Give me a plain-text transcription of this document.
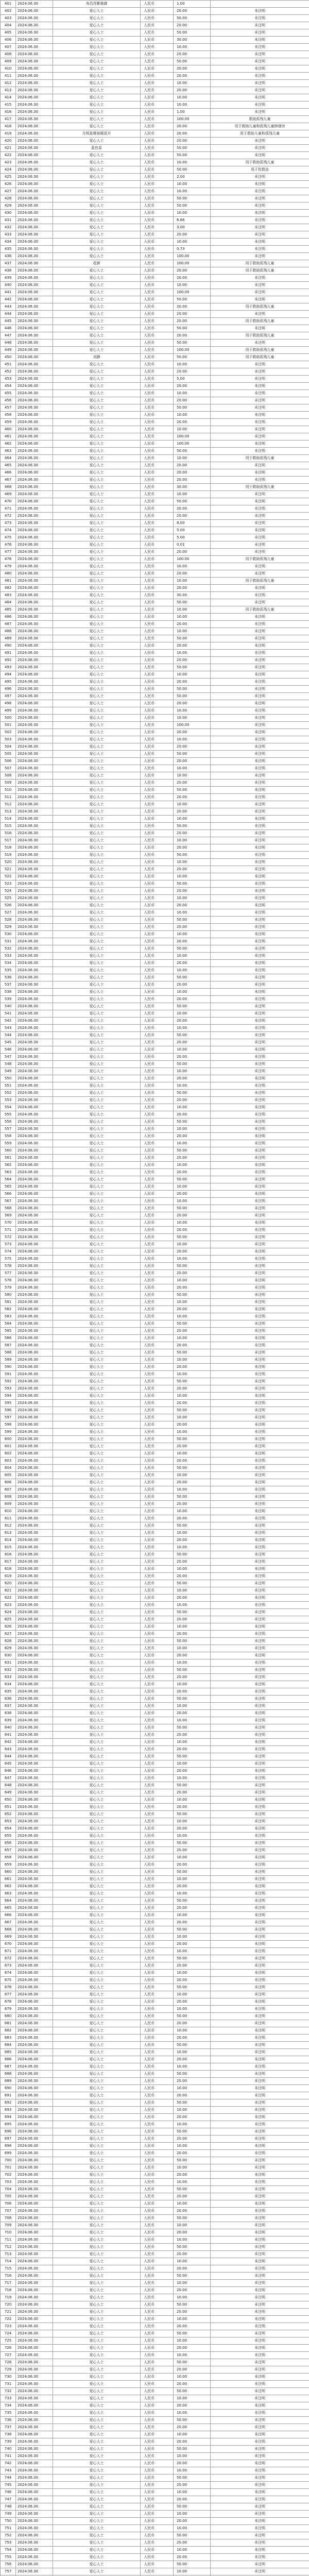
401	2024.06.30	寿昌苏紫墨御	人民币	1.00	
402	2024.06.30	爱心人士	人民币	20.00	未注明
403	2024.06.30	爱心人士	人民币	50.00	未注明
404	2024.06.30	爱心人士	人民币	20.00	未注明
405	2024.06.30	爱心人士	人民币	50.00	未注明
406	2024.06.30	爱心人士	人民币	30.00	未注明
407	2024.06.30	爱心人士	人民币	10.00	未注明
408	2024.06.30	爱心人士	人民币	20.00	未注明
409	2024.06.30	爱心人士	人民币	50.00	未注明
410	2024.06.30	爱心人士	人民币	20.00	未注明
411	2024.06.30	爱心人士	人民币	20.00	未注明
412	2024.06.30	爱心人士	人民币	10.00	未注明
413	2024.06.30	爱心人士	人民币	20.00	未注明
414	2024.06.30	爱心人士	人民币	10.00	未注明
415	2024.06.30	爱心人士	人民币	10.00	未注明
416	2024.06.30	爱心人士	人民币	1.00	未注明
417	2024.06.30	爱心人士	人民币	100.00	救助孤残儿童
418	2024.06.30	爱心人士	人民币	20.00	用于救助儿童和孤残儿童修缮房
419	2024.06.30	月明星稀春暖花开	人民币	20.00	用于救助儿童和孤残儿童
420	2024.06.30	爱心人士	人民币	20.00	未注明
421	2024.06.30	蓝色星	人民币	50.00	未注明
422	2024.06.30	爱心人士	人民币	50.00	未注明
423	2024.06.30	爱心人士	人民币	10.00	用于救助孤残儿童
424	2024.06.30	爱心人士	人民币	50.00	用于抢救站
425	2024.06.30	爱心人士	人民币	2.00	未注明
426	2024.06.30	爱心人士	人民币	10.00	未注明
427	2024.06.30	爱心人士	人民币	10.00	未注明
428	2024.06.30	爱心人士	人民币	50.00	未注明
429	2024.06.30	爱心人士	人民币	50.00	未注明
430	2024.06.30	爱心人士	人民币	10.00	未注明
431	2024.06.30	爱心人士	人民币	6.66	未注明
432	2024.06.30	爱心人士	人民币	3.00	未注明
433	2024.06.30	爱心人士	人民币	20.00	未注明
434	2024.06.30	爱心人士	人民币	10.00	未注明
435	2024.06.30	爱心人士	人民币	0.73	未注明
436	2024.06.30	爱心人士	人民币	100.00	未注明
437	2024.06.30	花颜	人民币	100.00	用于救助孤残儿童
438	2024.06.30	爱心人士	人民币	20.00	用于救助孤残儿童
439	2024.06.30	爱心人士	人民币	20.00	未注明
440	2024.06.30	爱心人士	人民币	10.00	未注明
441	2024.06.30	爱心人士	人民币	100.00	未注明
442	2024.06.30	爱心人士	人民币	50.00	未注明
443	2024.06.30	爱心人士	人民币	20.00	用于救助孤残儿童
444	2024.06.30	爱心人士	人民币	20.00	未注明
445	2024.06.30	爱心人士	人民币	20.00	用于救助孤残儿童
446	2024.06.30	爱心人士	人民币	50.00	未注明
447	2024.06.30	爱心人士	人民币	20.00	用于救助孤残儿童
448	2024.06.30	爱心人士	人民币	50.00	未注明
449	2024.06.30	爱心人士	人民币	100.00	用于救助孤残儿童
450	2024.06.30	刘静	人民币	50.00	用于救助孤残儿童
451	2024.06.30	爱心人士	人民币	10.00	未注明
452	2024.06.30	爱心人士	人民币	20.00	未注明
453	2024.06.30	爱心人士	人民币	5.00	未注明
454	2024.06.30	爱心人士	人民币	20.00	未注明
455	2024.06.30	爱心人士	人民币	10.00	未注明
456	2024.06.30	爱心人士	人民币	20.00	未注明
457	2024.06.30	爱心人士	人民币	50.00	未注明
458	2024.06.30	爱心人士	人民币	10.00	未注明
459	2024.06.30	爱心人士	人民币	20.00	未注明
460	2024.06.30	爱心人士	人民币	10.00	未注明
461	2024.06.30	爱心人士	人民币	100.00	未注明
462	2024.06.30	爱心人士	人民币	100.00	未注明
463	2024.06.30	爱心人士	人民币	50.00	未注明
464	2024.06.30	爱心人士	人民币	10.00	用于救助孤残儿童
465	2024.06.30	爱心人士	人民币	20.00	未注明
466	2024.06.30	爱心人士	人民币	20.00	未注明
467	2024.06.30	爱心人士	人民币	20.00	未注明
468	2024.06.30	爱心人士	人民币	30.00	用于救助孤残儿童
469	2024.06.30	爱心人士	人民币	10.00	未注明
470	2024.06.30	爱心人士	人民币	50.00	未注明
471	2024.06.30	爱心人士	人民币	20.00	未注明
472	2024.06.30	爱心人士	人民币	20.00	未注明
473	2024.06.30	爱心人士	人民币	8.00	未注明
474	2024.06.30	爱心人士	人民币	5.00	未注明
475	2024.06.30	爱心人士	人民币	5.00	未注明
476	2024.06.30	爱心人士	人民币	0.01	未注明
477	2024.06.30	爱心人士	人民币	20.00	未注明
478	2024.06.30	爱心人士	人民币	100.00	用于救助孤残儿童
479	2024.06.30	爱心人士	人民币	10.00	未注明
480	2024.06.30	爱心人士	人民币	20.00	未注明
481	2024.06.30	爱心人士	人民币	10.00	用于救助孤残儿童
482	2024.06.30	爱心人士	人民币	20.00	未注明
483	2024.06.30	爱心人士	人民币	30.00	未注明
484	2024.06.30	爱心人士	人民币	50.00	未注明
485	2024.06.30	爱心人士	人民币	10.00	用于救助孤残儿童
486	2024.06.30	爱心人士	人民币	10.00	未注明
487	2024.06.30	爱心人士	人民币	20.00	未注明
488	2024.06.30	爱心人士	人民币	10.00	未注明
489	2024.06.30	爱心人士	人民币	50.00	未注明
490	2024.06.30	爱心人士	人民币	20.00	未注明
491	2024.06.30	爱心人士	人民币	10.00	未注明
492	2024.06.30	爱心人士	人民币	20.00	未注明
493	2024.06.30	爱心人士	人民币	50.00	未注明
494	2024.06.30	爱心人士	人民币	10.00	未注明
495	2024.06.30	爱心人士	人民币	20.00	未注明
496	2024.06.30	爱心人士	人民币	50.00	未注明
497	2024.06.30	爱心人士	人民币	50.00	未注明
498	2024.06.30	爱心人士	人民币	20.00	未注明
499	2024.06.30	爱心人士	人民币	10.00	未注明
500	2024.06.30	爱心人士	人民币	10.00	未注明
501	2024.06.30	爱心人士	人民币	100.00	未注明
502	2024.06.30	爱心人士	人民币	20.00	未注明
503	2024.06.30	爱心人士	人民币	10.00	未注明
504	2024.06.30	爱心人士	人民币	20.00	未注明
505	2024.06.30	爱心人士	人民币	50.00	未注明
506	2024.06.30	爱心人士	人民币	20.00	未注明
507	2024.06.30	爱心人士	人民币	10.00	未注明
508	2024.06.30	爱心人士	人民币	10.00	未注明
509	2024.06.30	爱心人士	人民币	20.00	未注明
510	2024.06.30	爱心人士	人民币	50.00	未注明
511	2024.06.30	爱心人士	人民币	20.00	未注明
512	2024.06.30	爱心人士	人民币	10.00	未注明
513	2024.06.30	爱心人士	人民币	20.00	未注明
514	2024.06.30	爱心人士	人民币	10.00	未注明
515	2024.06.30	爱心人士	人民币	50.00	未注明
516	2024.06.30	爱心人士	人民币	20.00	未注明
517	2024.06.30	爱心人士	人民币	10.00	未注明
518	2024.06.30	爱心人士	人民币	20.00	未注明
519	2024.06.30	爱心人士	人民币	50.00	未注明
520	2024.06.30	爱心人士	人民币	10.00	未注明
521	2024.06.30	爱心人士	人民币	20.00	未注明
522	2024.06.30	爱心人士	人民币	10.00	未注明
523	2024.06.30	爱心人士	人民币	50.00	未注明
524	2024.06.30	爱心人士	人民币	20.00	未注明
525	2024.06.30	爱心人士	人民币	10.00	未注明
526	2024.06.30	爱心人士	人民币	20.00	未注明
527	2024.06.30	爱心人士	人民币	10.00	未注明
528	2024.06.30	爱心人士	人民币	50.00	未注明
529	2024.06.30	爱心人士	人民币	20.00	未注明
530	2024.06.30	爱心人士	人民币	10.00	未注明
531	2024.06.30	爱心人士	人民币	20.00	未注明
532	2024.06.30	爱心人士	人民币	50.00	未注明
533	2024.06.30	爱心人士	人民币	10.00	未注明
534	2024.06.30	爱心人士	人民币	20.00	未注明
535	2024.06.30	爱心人士	人民币	10.00	未注明
536	2024.06.30	爱心人士	人民币	50.00	未注明
537	2024.06.30	爱心人士	人民币	20.00	未注明
538	2024.06.30	爱心人士	人民币	10.00	未注明
539	2024.06.30	爱心人士	人民币	20.00	未注明
540	2024.06.30	爱心人士	人民币	50.00	未注明
541	2024.06.30	爱心人士	人民币	10.00	未注明
542	2024.06.30	爱心人士	人民币	20.00	未注明
543	2024.06.30	爱心人士	人民币	10.00	未注明
544	2024.06.30	爱心人士	人民币	50.00	未注明
545	2024.06.30	爱心人士	人民币	20.00	未注明
546	2024.06.30	爱心人士	人民币	10.00	未注明
547	2024.06.30	爱心人士	人民币	20.00	未注明
548	2024.06.30	爱心人士	人民币	50.00	未注明
549	2024.06.30	爱心人士	人民币	10.00	未注明
550	2024.06.30	爱心人士	人民币	20.00	未注明
551	2024.06.30	爱心人士	人民币	10.00	未注明
552	2024.06.30	爱心人士	人民币	50.00	未注明
553	2024.06.30	爱心人士	人民币	20.00	未注明
554	2024.06.30	爱心人士	人民币	10.00	未注明
555	2024.06.30	爱心人士	人民币	20.00	未注明
556	2024.06.30	爱心人士	人民币	50.00	未注明
557	2024.06.30	爱心人士	人民币	10.00	未注明
558	2024.06.30	爱心人士	人民币	20.00	未注明
559	2024.06.30	爱心人士	人民币	10.00	未注明
560	2024.06.30	爱心人士	人民币	50.00	未注明
561	2024.06.30	爱心人士	人民币	20.00	未注明
562	2024.06.30	爱心人士	人民币	10.00	未注明
563	2024.06.30	爱心人士	人民币	20.00	未注明
564	2024.06.30	爱心人士	人民币	50.00	未注明
565	2024.06.30	爱心人士	人民币	10.00	未注明
566	2024.06.30	爱心人士	人民币	20.00	未注明
567	2024.06.30	爱心人士	人民币	10.00	未注明
568	2024.06.30	爱心人士	人民币	50.00	未注明
569	2024.06.30	爱心人士	人民币	20.00	未注明
570	2024.06.30	爱心人士	人民币	10.00	未注明
571	2024.06.30	爱心人士	人民币	20.00	未注明
572	2024.06.30	爱心人士	人民币	50.00	未注明
573	2024.06.30	爱心人士	人民币	10.00	未注明
574	2024.06.30	爱心人士	人民币	20.00	未注明
575	2024.06.30	爱心人士	人民币	10.00	未注明
576	2024.06.30	爱心人士	人民币	50.00	未注明
577	2024.06.30	爱心人士	人民币	20.00	未注明
578	2024.06.30	爱心人士	人民币	10.00	未注明
579	2024.06.30	爱心人士	人民币	20.00	未注明
580	2024.06.30	爱心人士	人民币	50.00	未注明
581	2024.06.30	爱心人士	人民币	10.00	未注明
582	2024.06.30	爱心人士	人民币	20.00	未注明
583	2024.06.30	爱心人士	人民币	10.00	未注明
584	2024.06.30	爱心人士	人民币	50.00	未注明
585	2024.06.30	爱心人士	人民币	20.00	未注明
586	2024.06.30	爱心人士	人民币	10.00	未注明
587	2024.06.30	爱心人士	人民币	20.00	未注明
588	2024.06.30	爱心人士	人民币	50.00	未注明
589	2024.06.30	爱心人士	人民币	10.00	未注明
590	2024.06.30	爱心人士	人民币	20.00	未注明
591	2024.06.30	爱心人士	人民币	10.00	未注明
592	2024.06.30	爱心人士	人民币	50.00	未注明
593	2024.06.30	爱心人士	人民币	20.00	未注明
594	2024.06.30	爱心人士	人民币	10.00	未注明
595	2024.06.30	爱心人士	人民币	20.00	未注明
596	2024.06.30	爱心人士	人民币	50.00	未注明
597	2024.06.30	爱心人士	人民币	10.00	未注明
598	2024.06.30	爱心人士	人民币	20.00	未注明
599	2024.06.30	爱心人士	人民币	10.00	未注明
600	2024.06.30	爱心人士	人民币	50.00	未注明
601	2024.06.30	爱心人士	人民币	20.00	未注明
602	2024.06.30	爱心人士	人民币	10.00	未注明
603	2024.06.30	爱心人士	人民币	20.00	未注明
604	2024.06.30	爱心人士	人民币	50.00	未注明
605	2024.06.30	爱心人士	人民币	10.00	未注明
606	2024.06.30	爱心人士	人民币	20.00	未注明
607	2024.06.30	爱心人士	人民币	10.00	未注明
608	2024.06.30	爱心人士	人民币	50.00	未注明
609	2024.06.30	爱心人士	人民币	20.00	未注明
610	2024.06.30	爱心人士	人民币	10.00	未注明
611	2024.06.30	爱心人士	人民币	20.00	未注明
612	2024.06.30	爱心人士	人民币	50.00	未注明
613	2024.06.30	爱心人士	人民币	10.00	未注明
614	2024.06.30	爱心人士	人民币	20.00	未注明
615	2024.06.30	爱心人士	人民币	10.00	未注明
616	2024.06.30	爱心人士	人民币	50.00	未注明
617	2024.06.30	爱心人士	人民币	20.00	未注明
618	2024.06.30	爱心人士	人民币	10.00	未注明
619	2024.06.30	爱心人士	人民币	20.00	未注明
620	2024.06.30	爱心人士	人民币	50.00	未注明
621	2024.06.30	爱心人士	人民币	10.00	未注明
622	2024.06.30	爱心人士	人民币	20.00	未注明
623	2024.06.30	爱心人士	人民币	10.00	未注明
624	2024.06.30	爱心人士	人民币	50.00	未注明
625	2024.06.30	爱心人士	人民币	20.00	未注明
626	2024.06.30	爱心人士	人民币	10.00	未注明
627	2024.06.30	爱心人士	人民币	20.00	未注明
628	2024.06.30	爱心人士	人民币	50.00	未注明
629	2024.06.30	爱心人士	人民币	10.00	未注明
630	2024.06.30	爱心人士	人民币	20.00	未注明
631	2024.06.30	爱心人士	人民币	10.00	未注明
632	2024.06.30	爱心人士	人民币	50.00	未注明
633	2024.06.30	爱心人士	人民币	20.00	未注明
634	2024.06.30	爱心人士	人民币	10.00	未注明
635	2024.06.30	爱心人士	人民币	20.00	未注明
636	2024.06.30	爱心人士	人民币	50.00	未注明
637	2024.06.30	爱心人士	人民币	10.00	未注明
638	2024.06.30	爱心人士	人民币	20.00	未注明
639	2024.06.30	爱心人士	人民币	10.00	未注明
640	2024.06.30	爱心人士	人民币	50.00	未注明
641	2024.06.30	爱心人士	人民币	20.00	未注明
642	2024.06.30	爱心人士	人民币	10.00	未注明
643	2024.06.30	爱心人士	人民币	20.00	未注明
644	2024.06.30	爱心人士	人民币	50.00	未注明
645	2024.06.30	爱心人士	人民币	10.00	未注明
646	2024.06.30	爱心人士	人民币	20.00	未注明
647	2024.06.30	爱心人士	人民币	10.00	未注明
648	2024.06.30	爱心人士	人民币	50.00	未注明
649	2024.06.30	爱心人士	人民币	20.00	未注明
650	2024.06.30	爱心人士	人民币	10.00	未注明
651	2024.06.30	爱心人士	人民币	20.00	未注明
652	2024.06.30	爱心人士	人民币	50.00	未注明
653	2024.06.30	爱心人士	人民币	10.00	未注明
654	2024.06.30	爱心人士	人民币	20.00	未注明
655	2024.06.30	爱心人士	人民币	10.00	未注明
656	2024.06.30	爱心人士	人民币	50.00	未注明
657	2024.06.30	爱心人士	人民币	20.00	未注明
658	2024.06.30	爱心人士	人民币	10.00	未注明
659	2024.06.30	爱心人士	人民币	20.00	未注明
660	2024.06.30	爱心人士	人民币	50.00	未注明
661	2024.06.30	爱心人士	人民币	10.00	未注明
662	2024.06.30	爱心人士	人民币	20.00	未注明
663	2024.06.30	爱心人士	人民币	10.00	未注明
664	2024.06.30	爱心人士	人民币	50.00	未注明
665	2024.06.30	爱心人士	人民币	20.00	未注明
666	2024.06.30	爱心人士	人民币	10.00	未注明
667	2024.06.30	爱心人士	人民币	20.00	未注明
668	2024.06.30	爱心人士	人民币	50.00	未注明
669	2024.06.30	爱心人士	人民币	10.00	未注明
670	2024.06.30	爱心人士	人民币	20.00	未注明
671	2024.06.30	爱心人士	人民币	10.00	未注明
672	2024.06.30	爱心人士	人民币	50.00	未注明
673	2024.06.30	爱心人士	人民币	20.00	未注明
674	2024.06.30	爱心人士	人民币	10.00	未注明
675	2024.06.30	爱心人士	人民币	20.00	未注明
676	2024.06.30	爱心人士	人民币	50.00	未注明
677	2024.06.30	爱心人士	人民币	10.00	未注明
678	2024.06.30	爱心人士	人民币	20.00	未注明
679	2024.06.30	爱心人士	人民币	10.00	未注明
680	2024.06.30	爱心人士	人民币	50.00	未注明
681	2024.06.30	爱心人士	人民币	20.00	未注明
682	2024.06.30	爱心人士	人民币	10.00	未注明
683	2024.06.30	爱心人士	人民币	20.00	未注明
684	2024.06.30	爱心人士	人民币	50.00	未注明
685	2024.06.30	爱心人士	人民币	10.00	未注明
686	2024.06.30	爱心人士	人民币	20.00	未注明
687	2024.06.30	爱心人士	人民币	10.00	未注明
688	2024.06.30	爱心人士	人民币	50.00	未注明
689	2024.06.30	爱心人士	人民币	20.00	未注明
690	2024.06.30	爱心人士	人民币	10.00	未注明
691	2024.06.30	爱心人士	人民币	20.00	未注明
692	2024.06.30	爱心人士	人民币	50.00	未注明
693	2024.06.30	爱心人士	人民币	10.00	未注明
694	2024.06.30	爱心人士	人民币	20.00	未注明
695	2024.06.30	爱心人士	人民币	10.00	未注明
696	2024.06.30	爱心人士	人民币	50.00	未注明
697	2024.06.30	爱心人士	人民币	20.00	未注明
698	2024.06.30	爱心人士	人民币	10.00	未注明
699	2024.06.30	爱心人士	人民币	20.00	未注明
700	2024.06.30	爱心人士	人民币	50.00	未注明
701	2024.06.30	爱心人士	人民币	10.00	未注明
702	2024.06.30	爱心人士	人民币	20.00	未注明
703	2024.06.30	爱心人士	人民币	10.00	未注明
704	2024.06.30	爱心人士	人民币	50.00	未注明
705	2024.06.30	爱心人士	人民币	20.00	未注明
706	2024.06.30	爱心人士	人民币	10.00	未注明
707	2024.06.30	爱心人士	人民币	20.00	未注明
708	2024.06.30	爱心人士	人民币	50.00	未注明
709	2024.06.30	爱心人士	人民币	10.00	未注明
710	2024.06.30	爱心人士	人民币	20.00	未注明
711	2024.06.30	爱心人士	人民币	10.00	未注明
712	2024.06.30	爱心人士	人民币	50.00	未注明
713	2024.06.30	爱心人士	人民币	20.00	未注明
714	2024.06.30	爱心人士	人民币	10.00	未注明
715	2024.06.30	爱心人士	人民币	20.00	未注明
716	2024.06.30	爱心人士	人民币	50.00	未注明
717	2024.06.30	爱心人士	人民币	10.00	未注明
718	2024.06.30	爱心人士	人民币	20.00	未注明
719	2024.06.30	爱心人士	人民币	10.00	未注明
720	2024.06.30	爱心人士	人民币	50.00	未注明
721	2024.06.30	爱心人士	人民币	20.00	未注明
722	2024.06.30	爱心人士	人民币	10.00	未注明
723	2024.06.30	爱心人士	人民币	20.00	未注明
724	2024.06.30	爱心人士	人民币	50.00	未注明
725	2024.06.30	爱心人士	人民币	10.00	未注明
726	2024.06.30	爱心人士	人民币	20.00	未注明
727	2024.06.30	爱心人士	人民币	10.00	未注明
728	2024.06.30	爱心人士	人民币	50.00	未注明
729	2024.06.30	爱心人士	人民币	20.00	未注明
730	2024.06.30	爱心人士	人民币	10.00	未注明
731	2024.06.30	爱心人士	人民币	20.00	未注明
732	2024.06.30	爱心人士	人民币	50.00	未注明
733	2024.06.30	爱心人士	人民币	10.00	未注明
734	2024.06.30	爱心人士	人民币	20.00	未注明
735	2024.06.30	爱心人士	人民币	10.00	未注明
736	2024.06.30	爱心人士	人民币	50.00	未注明
737	2024.06.30	爱心人士	人民币	20.00	未注明
738	2024.06.30	爱心人士	人民币	10.00	未注明
739	2024.06.30	爱心人士	人民币	20.00	未注明
740	2024.06.30	爱心人士	人民币	50.00	未注明
741	2024.06.30	爱心人士	人民币	10.00	未注明
742	2024.06.30	爱心人士	人民币	20.00	未注明
743	2024.06.30	爱心人士	人民币	10.00	未注明
744	2024.06.30	爱心人士	人民币	50.00	未注明
745	2024.06.30	爱心人士	人民币	20.00	未注明
746	2024.06.30	爱心人士	人民币	10.00	未注明
747	2024.06.30	爱心人士	人民币	20.00	未注明
748	2024.06.30	爱心人士	人民币	50.00	未注明
749	2024.06.30	爱心人士	人民币	10.00	未注明
750	2024.06.30	爱心人士	人民币	20.00	未注明
751	2024.06.30	爱心人士	人民币	10.00	未注明
752	2024.06.30	爱心人士	人民币	50.00	未注明
753	2024.06.30	爱心人士	人民币	20.00	未注明
754	2024.06.30	爱心人士	人民币	10.00	未注明
755	2024.06.30	爱心人士	人民币	20.00	未注明
756	2024.06.30	爱心人士	人民币	50.00	未注明
757	2024.06.30	爱心人士	人民币	10.00	未注明
